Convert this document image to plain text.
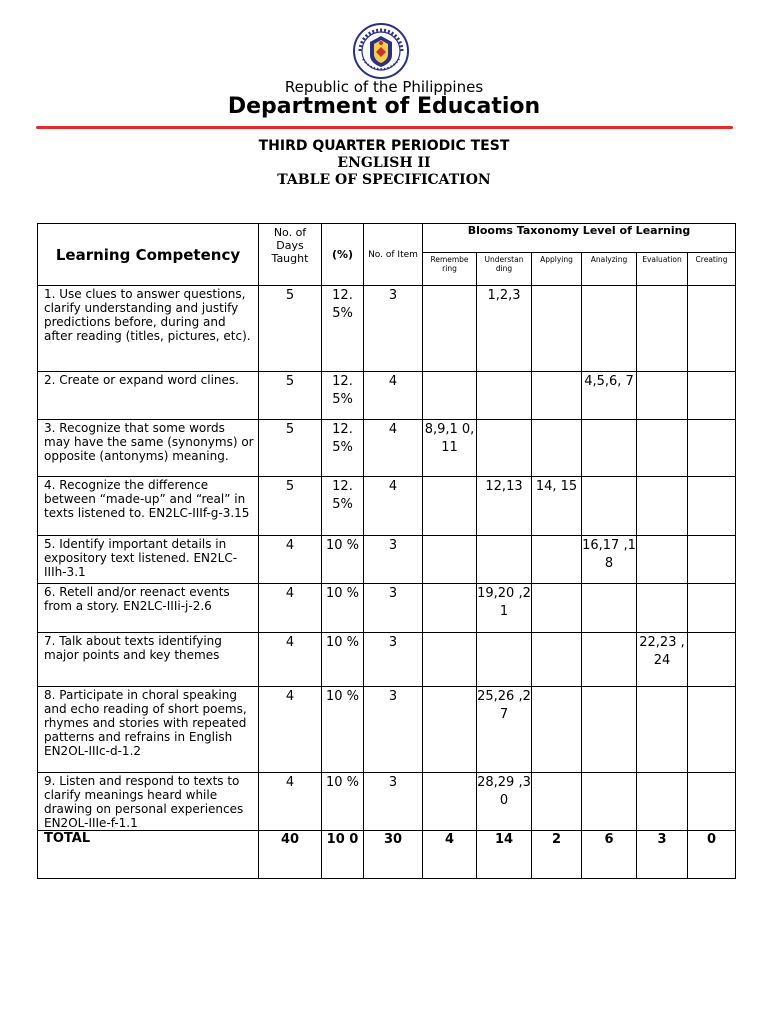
Republic of the Philippines
Department of Education
THIRD QUARTER PERIODIC TEST
ENGLISH II
TABLE OF SPECIFICATION
Learning Competency	No. of Days Taught	(%)	No. of Item	Blooms Taxonomy Level of Learning					
				Remembe ring	Understan ding	Applying	Analyzing	Evaluation	Creating
1. Use clues to answer questions, clarify understanding and justify predictions before, during and after reading (titles, pictures, etc).	5	12. 5%	3		1,2,3				
2. Create or expand word clines.	5	12. 5%	4				4,5,6, 7		
3. Recognize that some words may have the same (synonyms) or opposite (antonyms) meaning.	5	12. 5%	4	8,9,1 0,11					
4. Recognize the difference between “made-up” and “real” in texts listened to. EN2LC-IIIf-g-3.15	5	12. 5%	4		12,13	14, 15			
5. Identify important details in expository text listened. EN2LC-IIIh-3.1	4	10 %	3				16,17 ,18		
6. Retell and/or reenact events from a story. EN2LC-IIIi-j-2.6	4	10 %	3		19,20 ,21				
7. Talk about texts identifying major points and key themes	4	10 %	3					22,23 ,24	
8. Participate in choral speaking and echo reading of short poems, rhymes and stories with repeated patterns and refrains in English EN2OL-IIIc-d-1.2	4	10 %	3		25,26 ,27				
9. Listen and respond to texts to clarify meanings heard while drawing on personal experiences EN2OL-IIIe-f-1.1	4	10 %	3		28,29 ,30				
TOTAL	40	10 0	30	4	14	2	6	3	0
